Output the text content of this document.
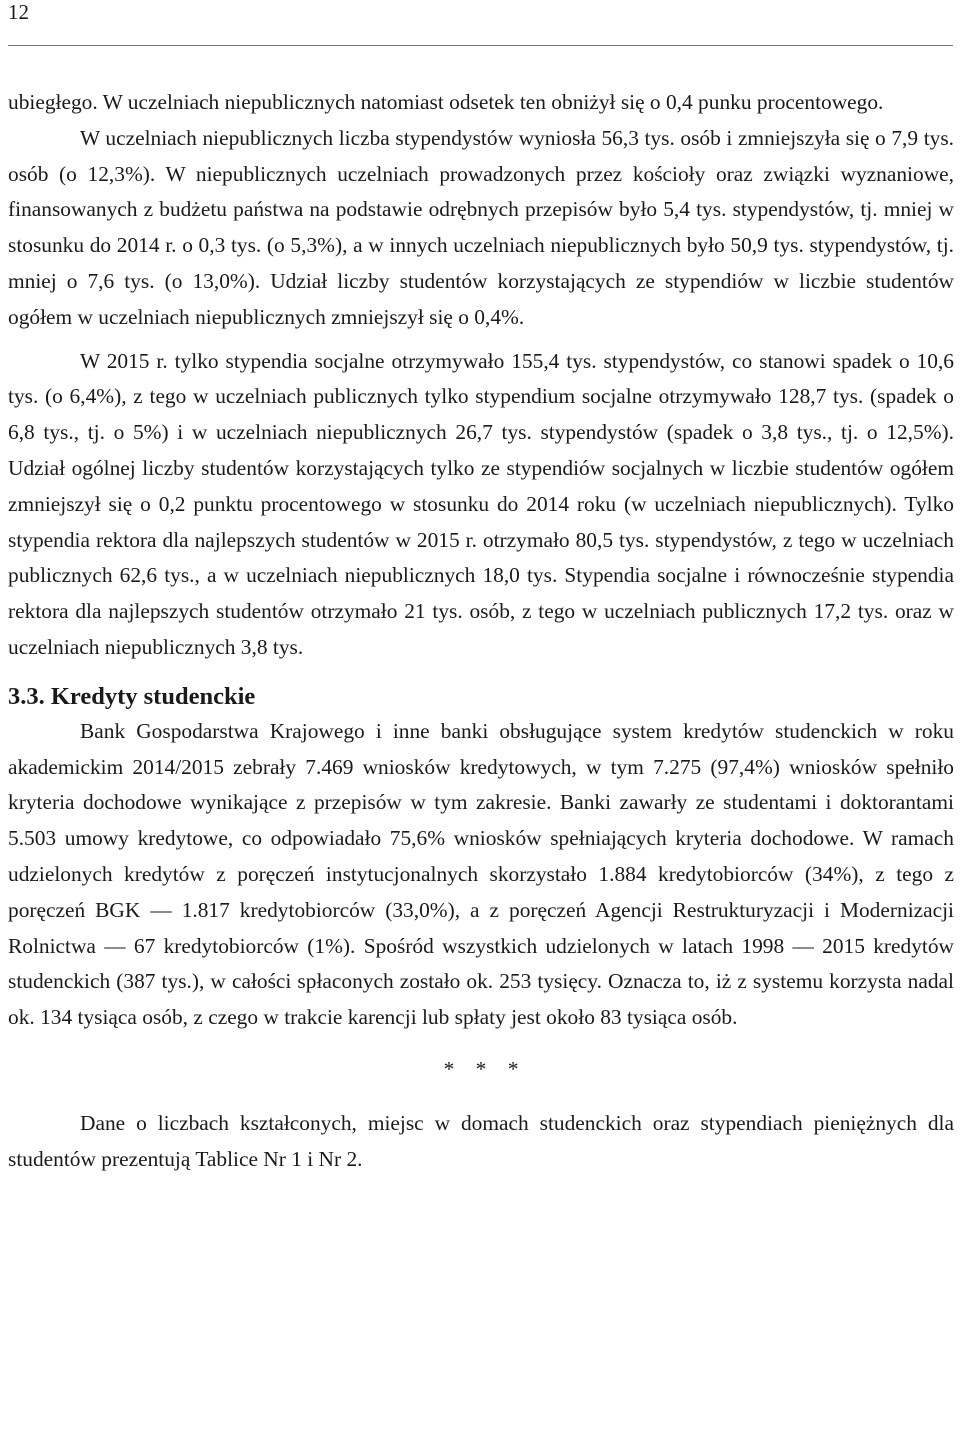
12

ubiegłego. W uczelniach niepublicznych natomiast odsetek ten obniżył się o 0,4 punku procentowego.

W uczelniach niepublicznych liczba stypendystów wyniosła 56,3 tys. osób i zmniejszyła się o 7,9 tys. osób (o 12,3%). W niepublicznych uczelniach prowadzonych przez kościoły oraz związki wyznaniowe, finansowanych z budżetu państwa na podstawie odrębnych przepisów było 5,4 tys. stypendystów, tj. mniej w stosunku do 2014 r. o 0,3 tys. (o 5,3%), a w innych uczelniach niepublicznych było 50,9 tys. stypendystów, tj. mniej o 7,6 tys. (o 13,0%). Udział liczby studentów korzystających ze stypendiów w liczbie studentów ogółem w uczelniach niepublicznych zmniejszył się o 0,4%.

W 2015 r. tylko stypendia socjalne otrzymywało 155,4 tys. stypendystów, co stanowi spadek o 10,6 tys. (o 6,4%), z tego w uczelniach publicznych tylko stypendium socjalne otrzymywało 128,7 tys. (spadek o 6,8 tys., tj. o 5%) i w uczelniach niepublicznych 26,7 tys. stypendystów (spadek o 3,8 tys., tj. o 12,5%). Udział ogólnej liczby studentów korzystających tylko ze stypendiów socjalnych w liczbie studentów ogółem zmniejszył się o 0,2 punktu procentowego w stosunku do 2014 roku (w uczelniach niepublicznych). Tylko stypendia rektora dla najlepszych studentów w 2015 r. otrzymało 80,5 tys. stypendystów, z tego w uczelniach publicznych 62,6 tys., a w uczelniach niepublicznych 18,0 tys. Stypendia socjalne i równocześnie stypendia rektora dla najlepszych studentów otrzymało 21 tys. osób, z tego w uczelniach publicznych 17,2 tys. oraz w uczelniach niepublicznych 3,8 tys.

3.3. Kredyty studenckie

Bank Gospodarstwa Krajowego i inne banki obsługujące system kredytów studenckich w roku akademickim 2014/2015 zebrały 7.469 wniosków kredytowych, w tym 7.275 (97,4%) wniosków spełniło kryteria dochodowe wynikające z przepisów w tym zakresie. Banki zawarły ze studentami i doktorantami 5.503 umowy kredytowe, co odpowiadało 75,6% wniosków spełniających kryteria dochodowe. W ramach udzielonych kredytów z poręczeń instytucjonalnych skorzystało 1.884 kredytobiorców (34%), z tego z poręczeń BGK — 1.817 kredytobiorców (33,0%), a z poręczeń Agencji Restrukturyzacji i Modernizacji Rolnictwa — 67 kredytobiorców (1%). Spośród wszystkich udzielonych w latach 1998 — 2015 kredytów studenckich (387 tys.), w całości spłaconych zostało ok. 253 tysięcy. Oznacza to, iż z systemu korzysta nadal ok. 134 tysiąca osób, z czego w trakcie karencji lub spłaty jest około 83 tysiąca osób.

* * *

Dane o liczbach kształconych, miejsc w domach studenckich oraz stypendiach pieniężnych dla studentów prezentują Tablice Nr 1 i Nr 2.
